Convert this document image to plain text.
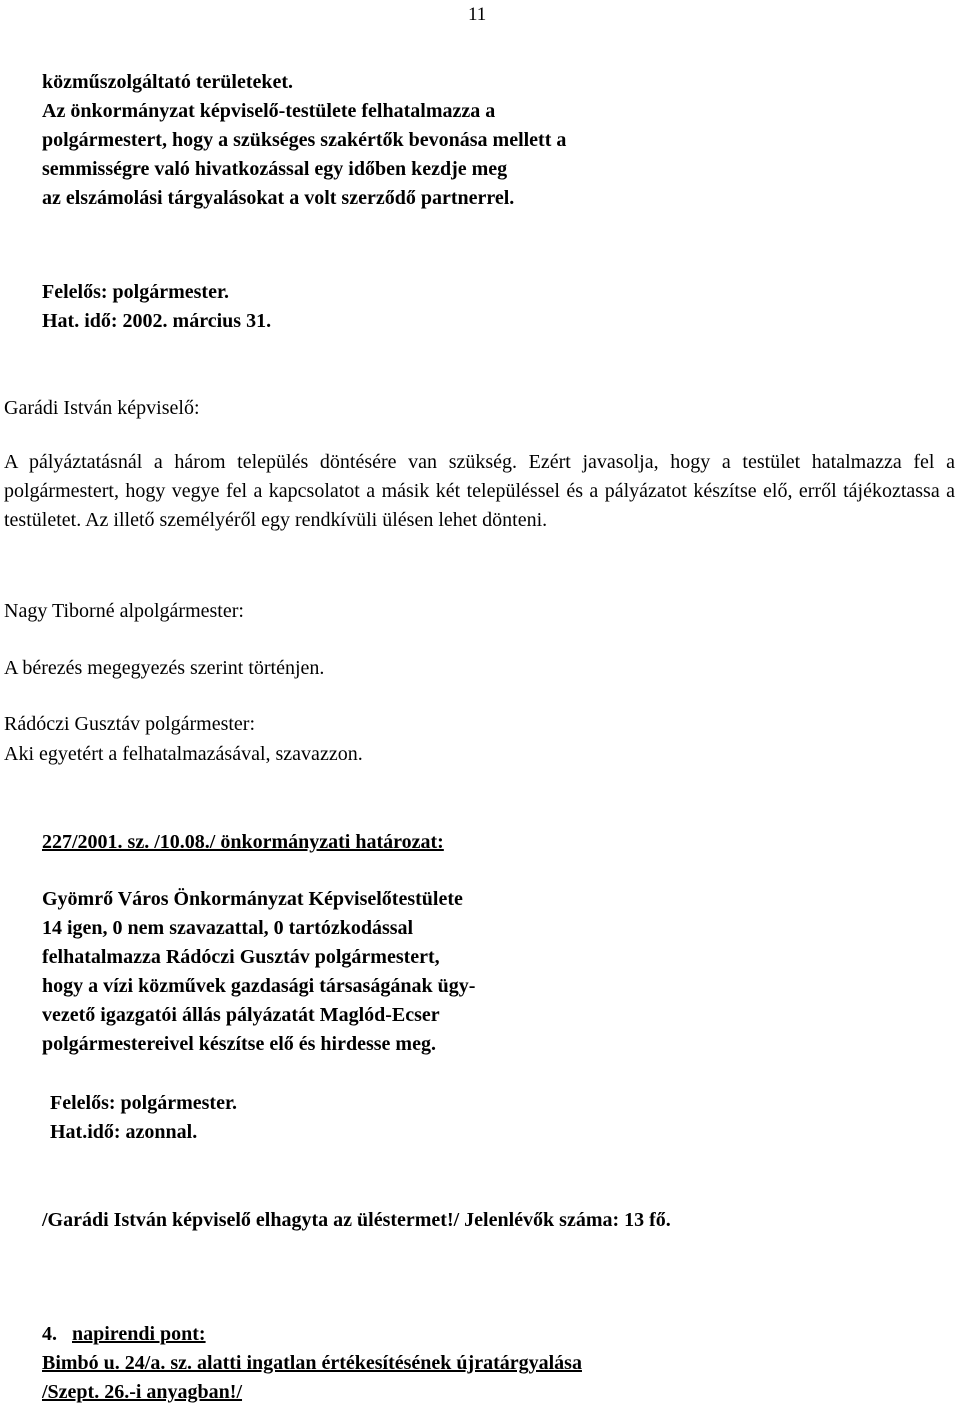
11
közműszolgáltató területeket.
Az önkormányzat képviselő-testülete felhatalmazza a
polgármestert, hogy a szükséges szakértők bevonása mellett a
semmisségre való hivatkozással egy időben kezdje meg
az elszámolási tárgyalásokat a volt szerződő partnerrel.
Felelős: polgármester.
Hat. idő: 2002. március 31.
Garádi István képviselő:

A pályáztatásnál a három település döntésére van szükség. Ezért javasolja, hogy a testület hatalmazza fel a polgármestert, hogy vegye fel a kapcsolatot a másik két településsel és a pályázatot készítse elő, erről tájékoztassa a testületet. Az illető személyéről egy rendkívüli ülésen lehet dönteni.

Nagy Tiborné alpolgármester:
A bérezés megegyezés szerint történjen.
Rádóczi Gusztáv polgármester:
Aki egyetért a felhatalmazásával, szavazzon.
227/2001. sz. /10.08./ önkormányzati határozat:
Gyömrő Város Önkormányzat Képviselőtestülete
14 igen, 0 nem szavazattal, 0 tartózkodással
felhatalmazza Rádóczi Gusztáv polgármestert,
hogy a vízi közművek gazdasági társaságának ügy-
vezető igazgatói állás pályázatát Maglód-Ecser
polgármestereivel készítse elő és hirdesse meg.
Felelős: polgármester.
Hat.idő: azonnal.
/Garádi István képviselő elhagyta az üléstermet!/ Jelenlévők száma: 13 fő.
4. napirendi pont:
Bimbó u. 24/a. sz. alatti ingatlan értékesítésének újratárgyalása
/Szept. 26.-i anyagban!/
